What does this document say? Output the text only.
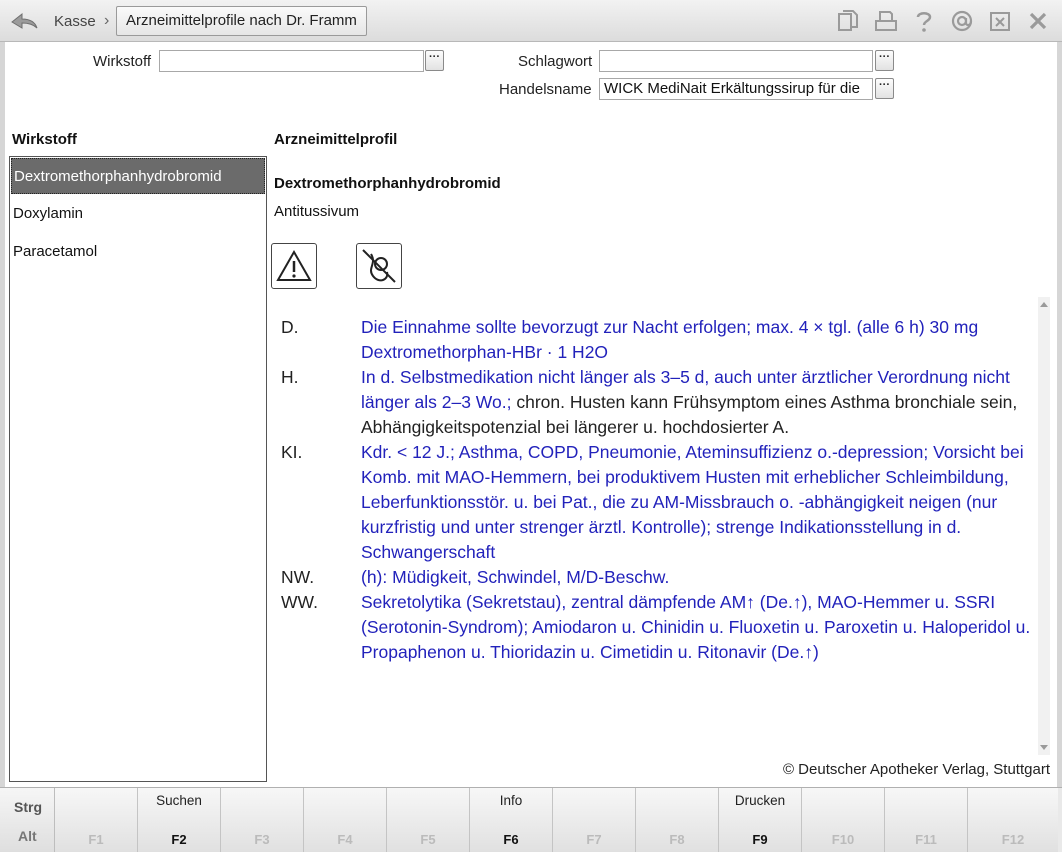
Kasse ›	Arzneimittelprofile nach Dr. Framm
Wirkstoff	···	Schlagwort	···
Handelsname WICK MediNait Erkältungssirup für die	···
Wirkstoff
Dextromethorphanhydrobromid
Doxylamin
Paracetamol
Arzneimittelprofil
Dextromethorphanhydrobromid
Antitussivum
D.	Die Einnahme sollte bevorzugt zur Nacht erfolgen; max. 4 × tgl. (alle 6 h) 30 mg Dextromethorphan-HBr · 1 H2O
H.	In d. Selbstmedikation nicht länger als 3–5 d, auch unter ärztlicher Verordnung nicht länger als 2–3 Wo.; chron. Husten kann Frühsymptom eines Asthma bronchiale sein, Abhängigkeitspotenzial bei längerer u. hochdosierter A.
KI.	Kdr. < 12 J.; Asthma, COPD, Pneumonie, Ateminsuffizienz o.-depression; Vorsicht bei Komb. mit MAO-Hemmern, bei produktivem Husten mit erheblicher Schleimbildung, Leberfunktionsstör. u. bei Pat., die zu AM-Missbrauch o. -abhängigkeit neigen (nur kurzfristig und unter strenger ärztl. Kontrolle); strenge Indikationsstellung in d. Schwangerschaft
NW.	(h): Müdigkeit, Schwindel, M/D-Beschw.
WW.	Sekretolytika (Sekretstau), zentral dämpfende AM↑ (De.↑), MAO-Hemmer u. SSRI (Serotonin-Syndrom); Amiodaron u. Chinidin u. Fluoxetin u. Paroxetin u. Haloperidol u. Propaphenon u. Thioridazin u. Cimetidin u. Ritonavir (De.↑)
© Deutscher Apotheker Verlag, Stuttgart
Strg
Alt	F1
Suchen
F2	F3	F4	F5
Info
F6	F7	F8
Drucken
F9	F10	F11	F12
